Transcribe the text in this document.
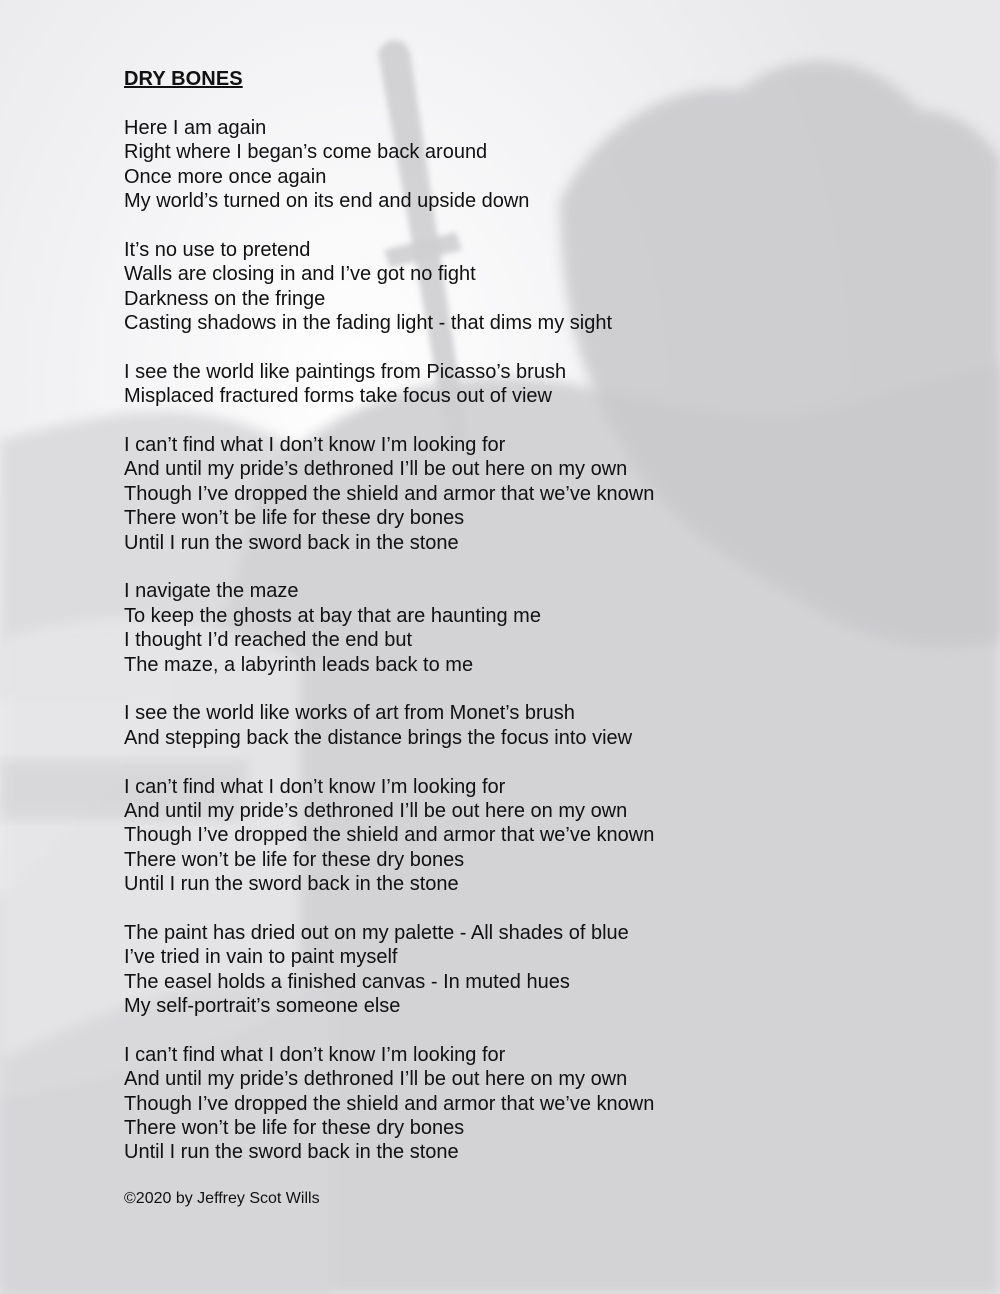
DRY BONES
Here I am again
Right where I began’s come back around
Once more once again
My world’s turned on its end and upside down
It’s no use to pretend
Walls are closing in and I’ve got no fight
Darkness on the fringe
Casting shadows in the fading light - that dims my sight
I see the world like paintings from Picasso’s brush
Misplaced fractured forms take focus out of view
I can’t find what I don’t know I’m looking for
And until my pride’s dethroned I’ll be out here on my own
Though I’ve dropped the shield and armor that we’ve known
There won’t be life for these dry bones
Until I run the sword back in the stone
I navigate the maze
To keep the ghosts at bay that are haunting me
I thought I’d reached the end but
The maze, a labyrinth leads back to me
I see the world like works of art from Monet’s brush
And stepping back the distance brings the focus into view
I can’t find what I don’t know I’m looking for
And until my pride’s dethroned I’ll be out here on my own
Though I’ve dropped the shield and armor that we’ve known
There won’t be life for these dry bones
Until I run the sword back in the stone
The paint has dried out on my palette - All shades of blue
I’ve tried in vain to paint myself
The easel holds a finished canvas - In muted hues
My self-portrait’s someone else
I can’t find what I don’t know I’m looking for
And until my pride’s dethroned I’ll be out here on my own
Though I’ve dropped the shield and armor that we’ve known
There won’t be life for these dry bones
Until I run the sword back in the stone
©2020 by Jeffrey Scot Wills
